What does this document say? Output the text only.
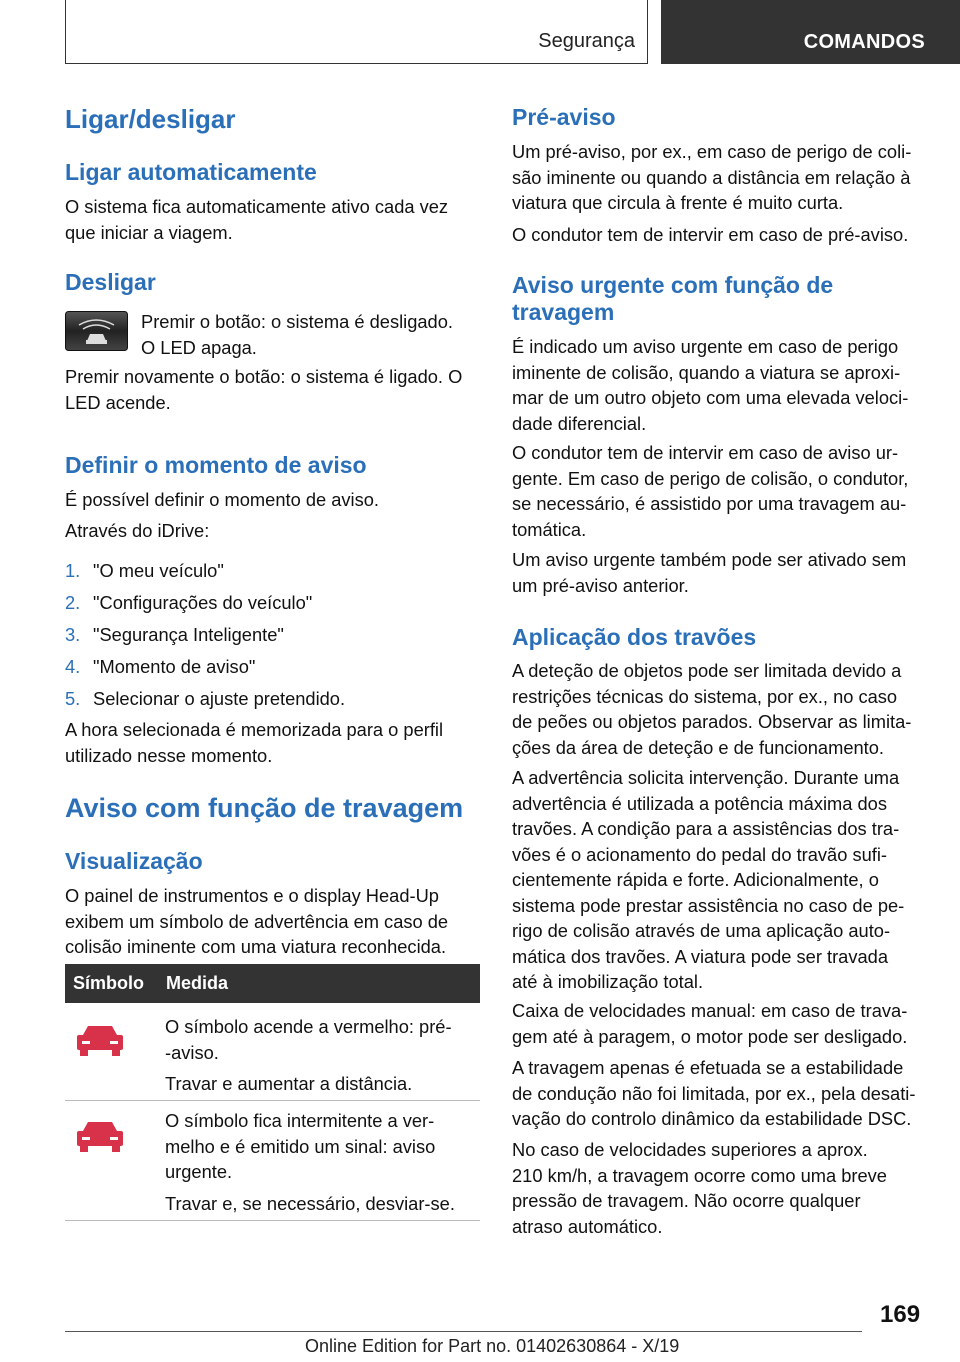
Segurança	COMANDOS
Ligar/desligar
Ligar automaticamente
O sistema fica automaticamente ativo cada vez
que iniciar a viagem.
Desligar
Premir o botão: o sistema é desligado.
O LED apaga.
Premir novamente o botão: o sistema é ligado. O
LED acende.
Definir o momento de aviso
É possível definir o momento de aviso.
Através do iDrive:
1. "O meu veículo"
2. "Configurações do veículo"
3. "Segurança Inteligente"
4. "Momento de aviso"
5. Selecionar o ajuste pretendido.
A hora selecionada é memorizada para o perfil
utilizado nesse momento.
Aviso com função de travagem
Visualização
O painel de instrumentos e o display Head-Up
exibem um símbolo de advertência em caso de
colisão iminente com uma viatura reconhecida.
Símbolo Medida
O símbolo acende a vermelho: pré-
-aviso.
Travar e aumentar a distância.
O símbolo fica intermitente a ver-
melho e é emitido um sinal: aviso
urgente.
Travar e, se necessário, desviar-se.
Pré-aviso
Um pré-aviso, por ex., em caso de perigo de coli-
são iminente ou quando a distância em relação à
viatura que circula à frente é muito curta.
O condutor tem de intervir em caso de pré-aviso.
Aviso urgente com função de
travagem
É indicado um aviso urgente em caso de perigo
iminente de colisão, quando a viatura se aproxi-
mar de um outro objeto com uma elevada veloci-
dade diferencial.
O condutor tem de intervir em caso de aviso ur-
gente. Em caso de perigo de colisão, o condutor,
se necessário, é assistido por uma travagem au-
tomática.
Um aviso urgente também pode ser ativado sem
um pré-aviso anterior.
Aplicação dos travões
A deteção de objetos pode ser limitada devido a
restrições técnicas do sistema, por ex., no caso
de peões ou objetos parados. Observar as limita-
ções da área de deteção e de funcionamento.
A advertência solicita intervenção. Durante uma
advertência é utilizada a potência máxima dos
travões. A condição para a assistências dos tra-
vões é o acionamento do pedal do travão sufi-
cientemente rápida e forte. Adicionalmente, o
sistema pode prestar assistência no caso de pe-
rigo de colisão através de uma aplicação auto-
mática dos travões. A viatura pode ser travada
até à imobilização total.
Caixa de velocidades manual: em caso de trava-
gem até à paragem, o motor pode ser desligado.
A travagem apenas é efetuada se a estabilidade
de condução não foi limitada, por ex., pela desati-
vação do controlo dinâmico da estabilidade DSC.
No caso de velocidades superiores a aprox.
210 km/h, a travagem ocorre como uma breve
pressão de travagem. Não ocorre qualquer
atraso automático.
169
Online Edition for Part no. 01402630864 - X/19
